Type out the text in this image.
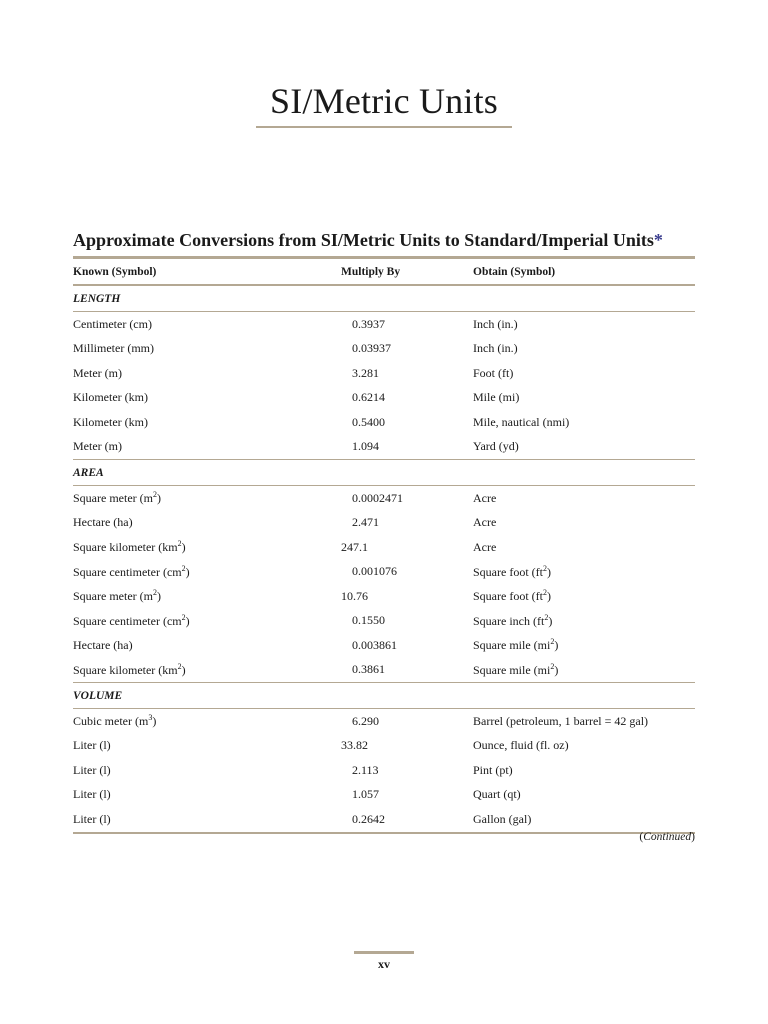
SI/Metric Units
Approximate Conversions from SI/Metric Units to Standard/Imperial Units*

Known (Symbol)	Multiply By	Obtain (Symbol)
LENGTH		
Centimeter (cm)	0.3937	Inch (in.)
Millimeter (mm)	0.03937	Inch (in.)
Meter (m)	3.281	Foot (ft)
Kilometer (km)	0.6214	Mile (mi)
Kilometer (km)	0.5400	Mile, nautical (nmi)
Meter (m)	1.094	Yard (yd)
AREA		
Square meter $(m^2)$	0.0002471	Acre
Hectare (ha)	2.471	Acre
Square kilometer $(km^2)$	247.1	Acre
Square centimeter $(cm^2)$	0.001076	Square foot $(ft^2)$
Square meter $(m^2)$	10.76	Square foot $(ft^2)$
Square centimeter $(cm^2)$	0.1550	Square inch $(ft^2)$
Hectare (ha)	0.003861	Square mile $(mi^2)$
Square kilometer $(km^2)$	0.3861	Square mile $(mi^2)$
VOLUME		
Cubic meter $(m^3)$	6.290	Barrel (petroleum, 1 barrel = 42 gal)
Liter (l)	33.82	Ounce, fluid (fl. oz)
Liter (l)	2.113	Pint (pt)
Liter (l)	1.057	Quart (qt)
Liter (l)	0.2642	Gallon (gal)
(Continued)
xv
